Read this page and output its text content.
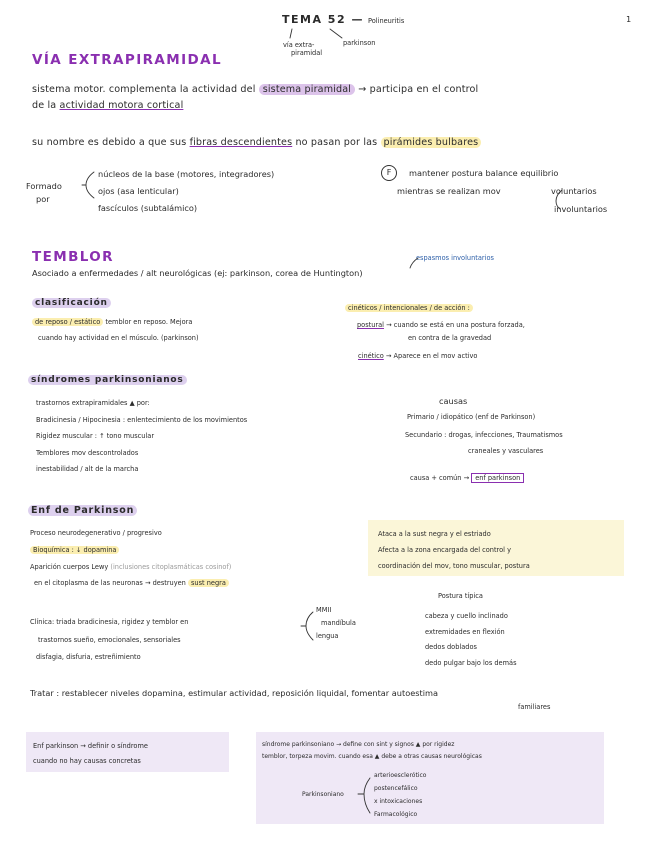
TEMA 52 — Polineuritis	1
vía extra-
piramidal
parkinson
VÍA EXTRAPIRAMIDAL
sistema motor. complementa la actividad del sistema piramidal → participa en el control
de la actividad motora cortical
su nombre es debido a que sus fibras descendientes no pasan por las pirámides bulbares
Formado
por
núcleos de la base (motores, integradores)
ojos (asa lenticular)
fascículos (subtalámico)
F	mantener postura balance equilibrio
mientras se realizan mov	voluntarios
involuntarios
TEMBLOR	espasmos involuntarios
Asociado a enfermedades / alt neurológicas (ej: parkinson, corea de Huntington)
clasificación
de reposo / estático temblor en reposo. Mejora
cuando hay actividad en el músculo. (parkinson)
cinéticos / intencionales / de acción :
postural → cuando se está en una postura forzada,
en contra de la gravedad
cinético → Aparece en el mov activo
síndromes parkinsonianos
trastornos extrapiramidales ▲ por:
Bradicinesia / Hipocinesia : enlentecimiento de los movimientos
Rigidez muscular : ↑ tono muscular
Temblores mov descontrolados
inestabilidad / alt de la marcha
causas
Primario / idiopático (enf de Parkinson)
Secundario : drogas, infecciones, Traumatismos
craneales y vasculares
causa + común → enf parkinson
Enf de Parkinson
Proceso neurodegenerativo / progresivo
Bioquímica : ↓ dopamina
Aparición cuerpos Lewy (inclusiones citoplasmáticas cosinof)
en el citoplasma de las neuronas → destruyen sust negra
Ataca a la sust negra y el estriado
Afecta a la zona encargada del control y
coordinación del mov, tono muscular, postura
Clínica: triada bradicinesia, rigidez y temblor en
trastornos sueño, emocionales, sensoriales
disfagia, disfuria, estreñimiento
MMII
mandíbula
lengua
Postura típica
cabeza y cuello inclinado
extremidades en flexión
dedos doblados
dedo pulgar bajo los demás
Tratar : restablecer niveles dopamina, estimular actividad, reposición liquidal, fomentar autoestima
familiares
Enf parkinson → definir o síndrome
cuando no hay causas concretas
síndrome parkinsoniano → define con sint y signos ▲ por rigidez
temblor, torpeza movim. cuando esa ▲ debe a otras causas neurológicas
Parkinsoniano
arterioesclerótico
postencefálico
x intoxicaciones
Farmacológico
